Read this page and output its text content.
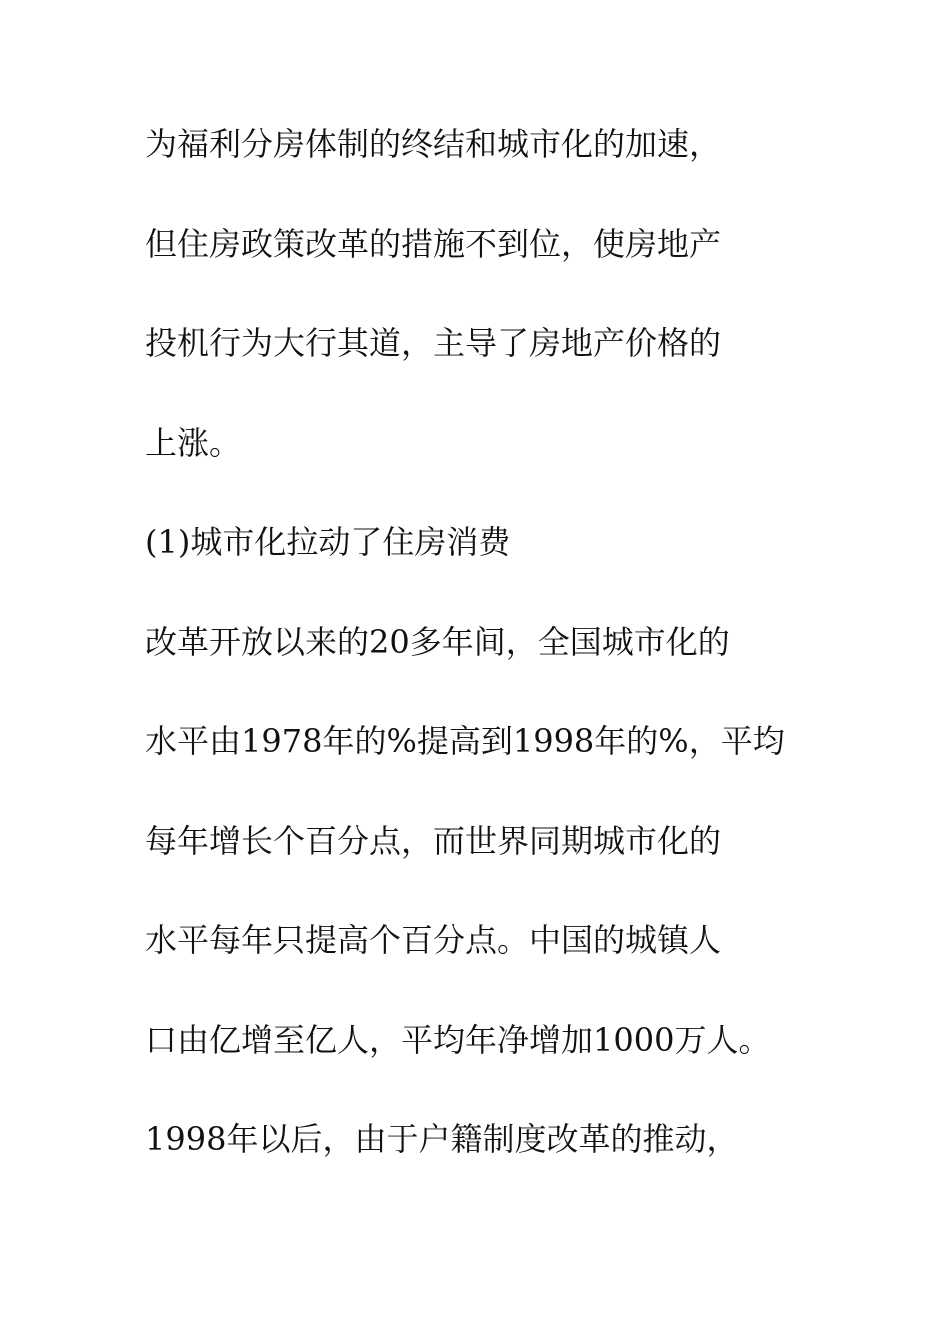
为福利分房体制的终结和城市化的加速，

但住房政策改革的措施不到位，使房地产

投机行为大行其道，主导了房地产价格的

上涨。

(1)城市化拉动了住房消费

改革开放以来的20多年间，全国城市化的

水平由1978年的%提高到1998年的%，平均

每年增长个百分点，而世界同期城市化的

水平每年只提高个百分点。中国的城镇人

口由亿增至亿人，平均年净增加1000万人。

1998年以后，由于户籍制度改革的推动，
